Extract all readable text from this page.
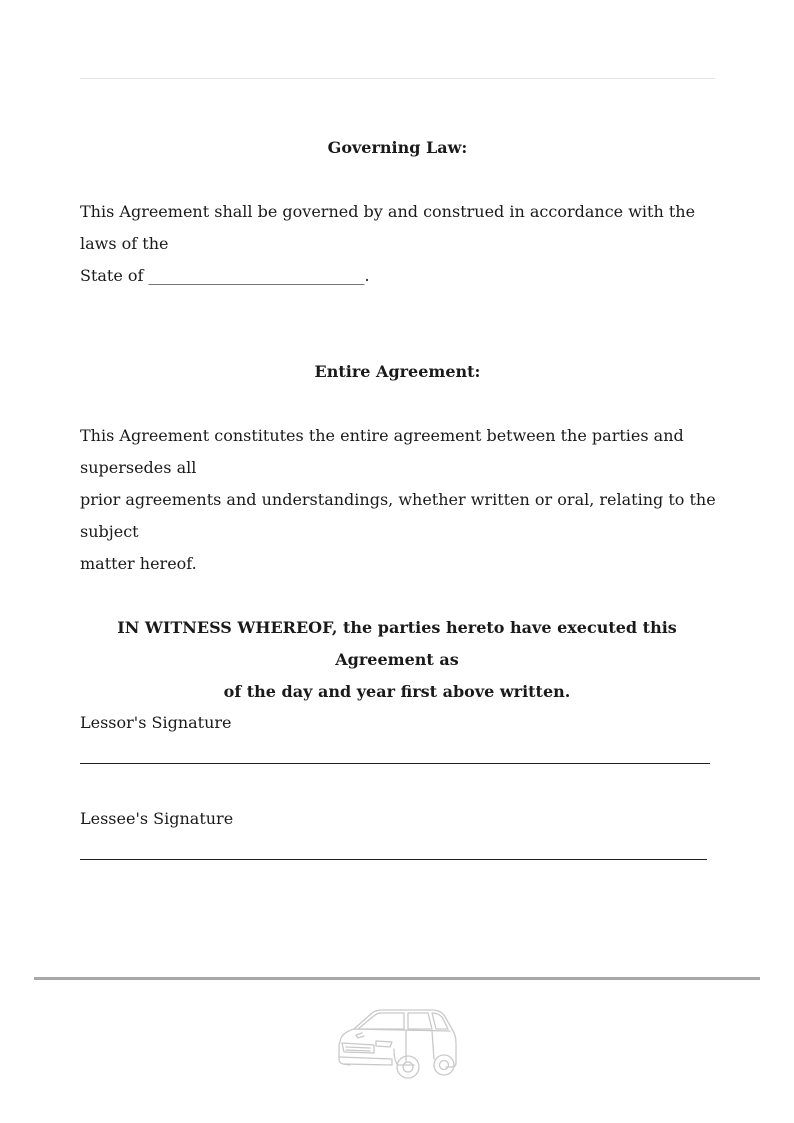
Governing Law:
This Agreement shall be governed by and construed in accordance with the laws of the
State of ___________________________.
Entire Agreement:
This Agreement constitutes the entire agreement between the parties and supersedes all
prior agreements and understandings, whether written or oral, relating to the subject
matter hereof.
IN WITNESS WHEREOF, the parties hereto have executed this Agreement as
of the day and year first above written.
Lessor's Signature
Lessee's Signature
